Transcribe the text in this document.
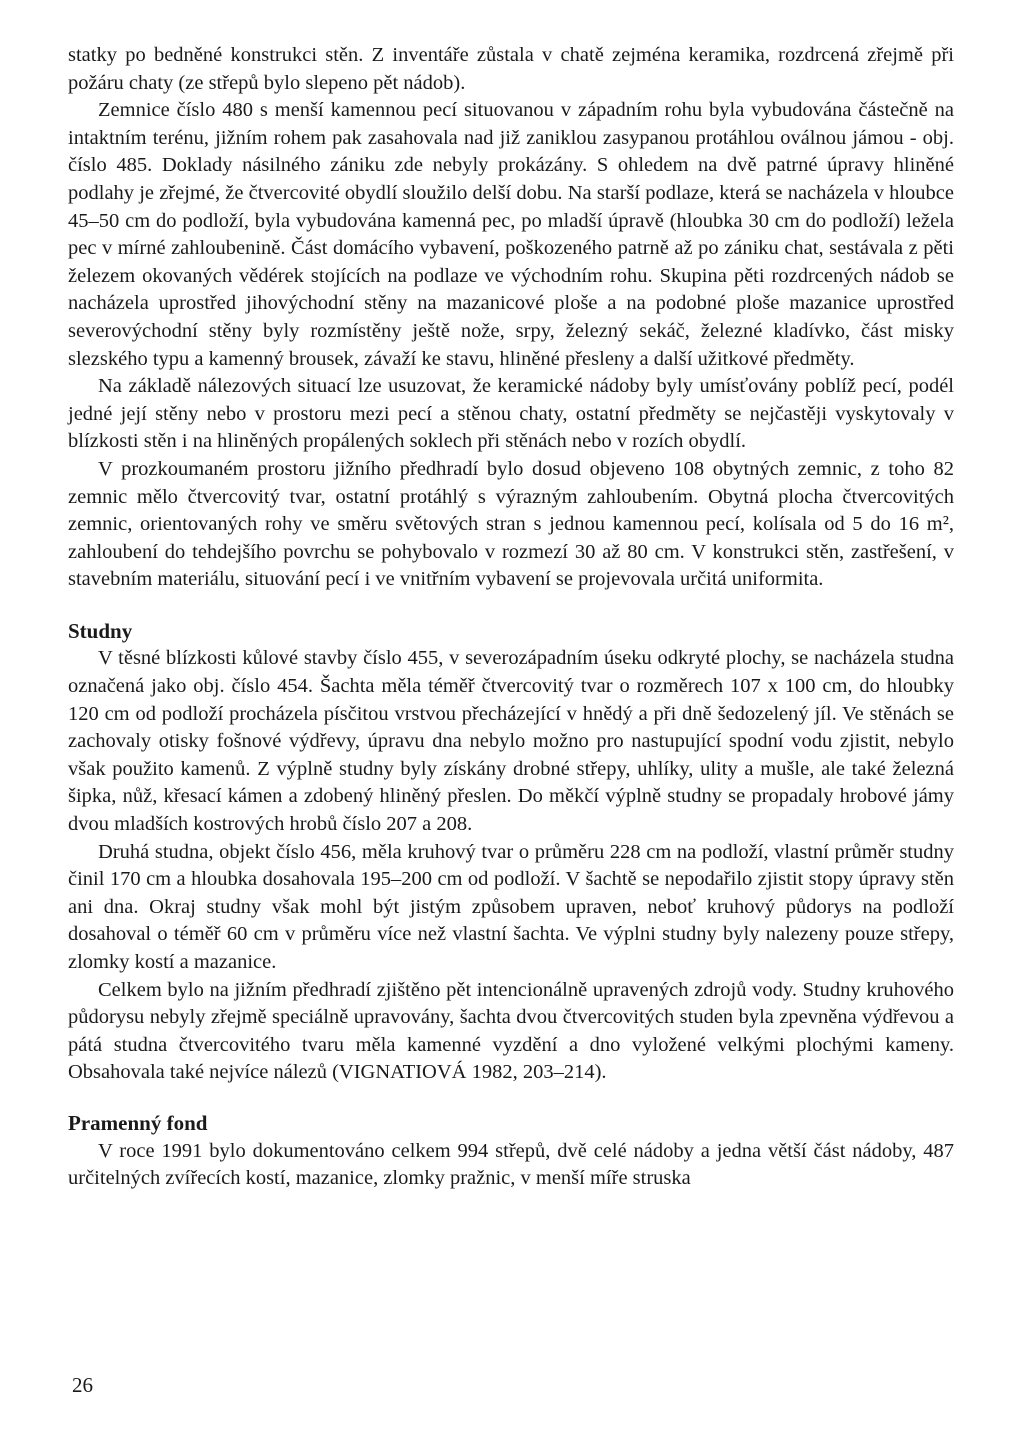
statky po bedněné konstrukci stěn. Z inventáře zůstala v chatě zejména keramika, rozdrcená zřejmě při požáru chaty (ze střepů bylo slepeno pět nádob).

Zemnice číslo 480 s menší kamennou pecí situovanou v západním rohu byla vybudována částečně na intaktním terénu, jižním rohem pak zasahovala nad již zaniklou zasypanou protáhlou oválnou jámou - obj. číslo 485. Doklady násilného zániku zde nebyly prokázány. S ohledem na dvě patrné úpravy hliněné podlahy je zřejmé, že čtvercovité obydlí sloužilo delší dobu. Na starší podlaze, která se nacházela v hloubce 45–50 cm do podloží, byla vybudována kamenná pec, po mladší úpravě (hloubka 30 cm do podloží) ležela pec v mírné zahloubenině. Část domácího vybavení, poškozeného patrně až po zániku chat, sestávala z pěti železem okovaných vědérek stojících na podlaze ve východním rohu. Skupina pěti rozdrcených nádob se nacházela uprostřed jihovýchodní stěny na mazanicové ploše a na podobné ploše mazanice uprostřed severovýchodní stěny byly rozmístěny ještě nože, srpy, železný sekáč, železné kladívko, část misky slezského typu a kamenný brousek, závaží ke stavu, hliněné přesleny a další užitkové předměty.

Na základě nálezových situací lze usuzovat, že keramické nádoby byly umísťovány poblíž pecí, podél jedné její stěny nebo v prostoru mezi pecí a stěnou chaty, ostatní předměty se nejčastěji vyskytovaly v blízkosti stěn i na hliněných propálených soklech při stěnách nebo v rozích obydlí.

V prozkoumaném prostoru jižního předhradí bylo dosud objeveno 108 obytných zemnic, z toho 82 zemnic mělo čtvercovitý tvar, ostatní protáhlý s výrazným zahloubením. Obytná plocha čtvercovitých zemnic, orientovaných rohy ve směru světových stran s jednou kamennou pecí, kolísala od 5 do 16 m², zahloubení do tehdejšího povrchu se pohybovalo v rozmezí 30 až 80 cm. V konstrukci stěn, zastřešení, v stavebním materiálu, situování pecí i ve vnitřním vybavení se projevovala určitá uniformita.

Studny

V těsné blízkosti kůlové stavby číslo 455, v severozápadním úseku odkryté plochy, se nacházela studna označená jako obj. číslo 454. Šachta měla téměř čtvercovitý tvar o rozměrech 107 x 100 cm, do hloubky 120 cm od podloží procházela písčitou vrstvou přecházející v hnědý a při dně šedozelený jíl. Ve stěnách se zachovaly otisky fošnové výdřevy, úpravu dna nebylo možno pro nastupující spodní vodu zjistit, nebylo však použito kamenů. Z výplně studny byly získány drobné střepy, uhlíky, ulity a mušle, ale také železná šipka, nůž, křesací kámen a zdobený hliněný přeslen. Do měkčí výplně studny se propadaly hrobové jámy dvou mladších kostrových hrobů číslo 207 a 208.

Druhá studna, objekt číslo 456, měla kruhový tvar o průměru 228 cm na podloží, vlastní průměr studny činil 170 cm a hloubka dosahovala 195–200 cm od podloží. V šachtě se nepodařilo zjistit stopy úpravy stěn ani dna. Okraj studny však mohl být jistým způsobem upraven, neboť kruhový půdorys na podloží dosahoval o téměř 60 cm v průměru více než vlastní šachta. Ve výplni studny byly nalezeny pouze střepy, zlomky kostí a mazanice.

Celkem bylo na jižním předhradí zjištěno pět intencionálně upravených zdrojů vody. Studny kruhového půdorysu nebyly zřejmě speciálně upravovány, šachta dvou čtvercovitých studen byla zpevněna výdřevou a pátá studna čtvercovitého tvaru měla kamenné vyzdění a dno vyložené velkými plochými kameny. Obsahovala také nejvíce nálezů (VIGNATIOVÁ 1982, 203–214).

Pramenný fond

V roce 1991 bylo dokumentováno celkem 994 střepů, dvě celé nádoby a jedna větší část nádoby, 487 určitelných zvířecích kostí, mazanice, zlomky pražnic, v menší míře struska

26
